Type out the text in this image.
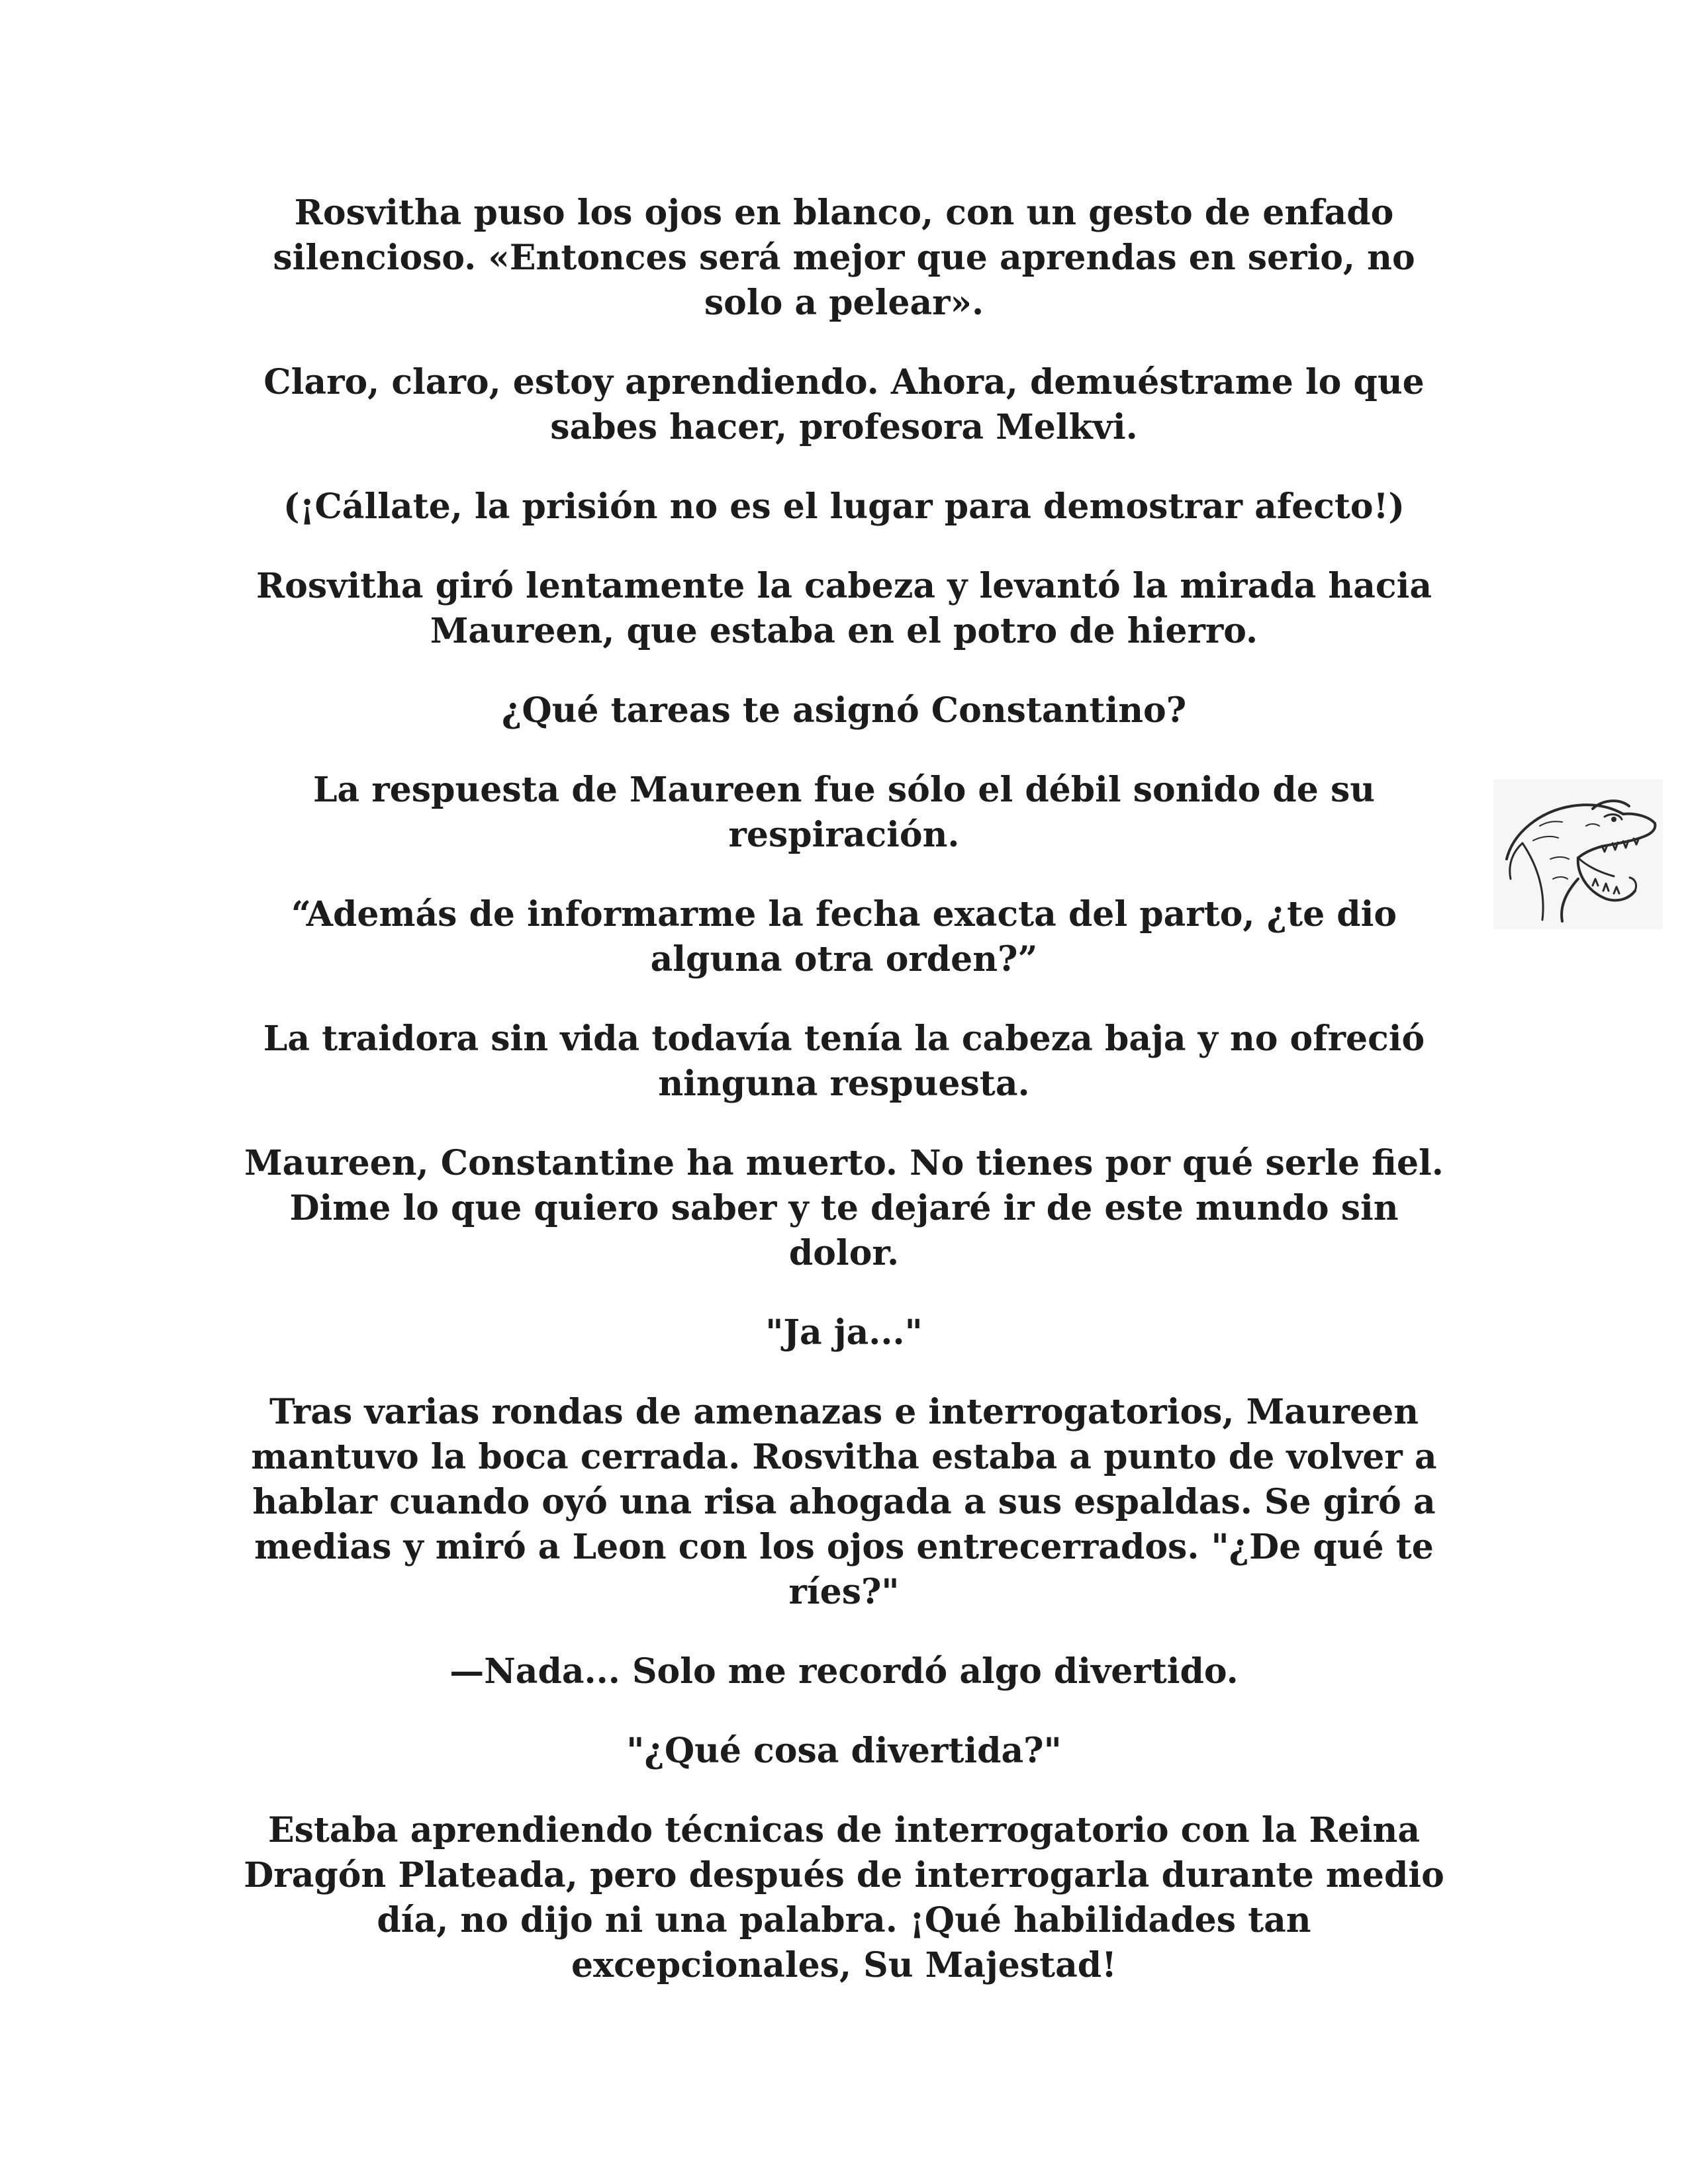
Rosvitha puso los ojos en blanco, con un gesto de enfado
silencioso. «Entonces será mejor que aprendas en serio, no
solo a pelear».

Claro, claro, estoy aprendiendo. Ahora, demuéstrame lo que
sabes hacer, profesora Melkvi.

(¡Cállate, la prisión no es el lugar para demostrar afecto!)

Rosvitha giró lentamente la cabeza y levantó la mirada hacia
Maureen, que estaba en el potro de hierro.

¿Qué tareas te asignó Constantino?

La respuesta de Maureen fue sólo el débil sonido de su
respiración.

“Además de informarme la fecha exacta del parto, ¿te dio
alguna otra orden?”

La traidora sin vida todavía tenía la cabeza baja y no ofreció
ninguna respuesta.

Maureen, Constantine ha muerto. No tienes por qué serle fiel.
Dime lo que quiero saber y te dejaré ir de este mundo sin
dolor.

"Ja ja..."

Tras varias rondas de amenazas e interrogatorios, Maureen
mantuvo la boca cerrada. Rosvitha estaba a punto de volver a
hablar cuando oyó una risa ahogada a sus espaldas. Se giró a
medias y miró a Leon con los ojos entrecerrados. "¿De qué te
ríes?"

—Nada... Solo me recordó algo divertido.

"¿Qué cosa divertida?"

Estaba aprendiendo técnicas de interrogatorio con la Reina
Dragón Plateada, pero después de interrogarla durante medio
día, no dijo ni una palabra. ¡Qué habilidades tan
excepcionales, Su Majestad!
